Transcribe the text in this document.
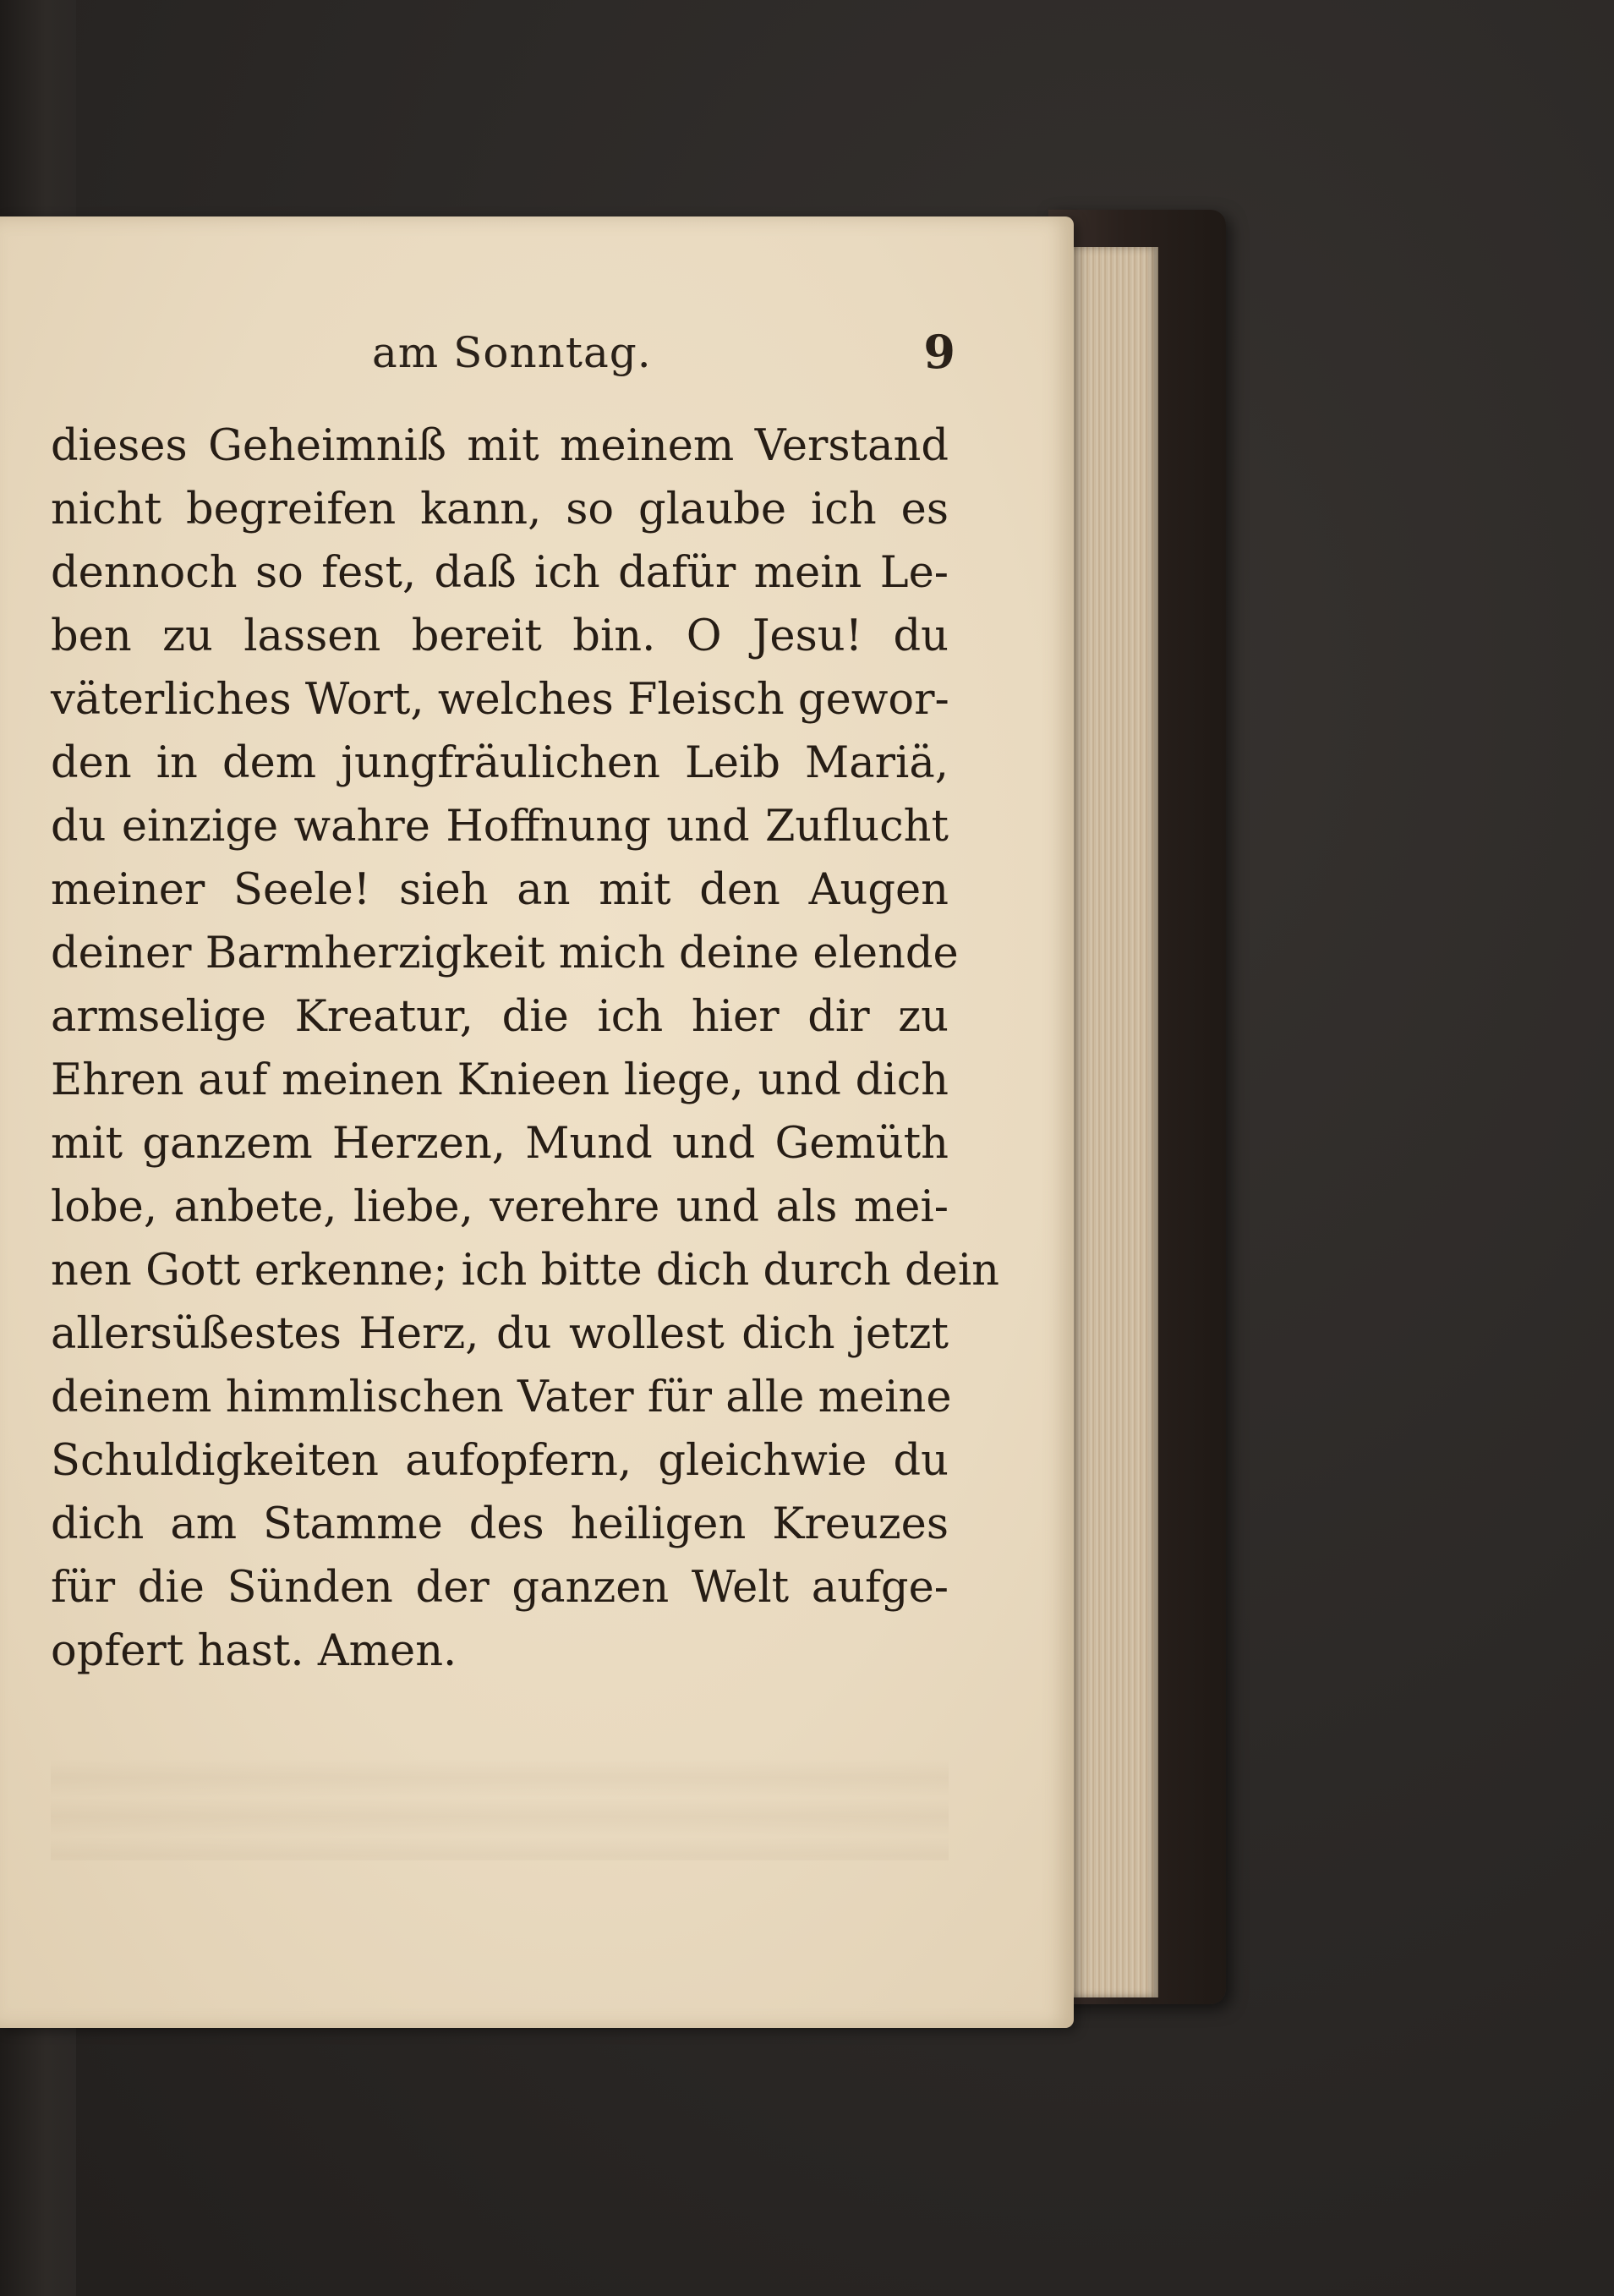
am Sonntag.	9
dieses Geheimniß mit meinem Verstand
nicht begreifen kann, so glaube ich es
dennoch so fest, daß ich dafür mein Le-
ben zu lassen bereit bin. O Jesu! du
väterliches Wort, welches Fleisch gewor-
den in dem jungfräulichen Leib Mariä,
du einzige wahre Hoffnung und Zuflucht
meiner Seele! sieh an mit den Augen
deiner Barmherzigkeit mich deine elende
armselige Kreatur, die ich hier dir zu
Ehren auf meinen Knieen liege, und dich
mit ganzem Herzen, Mund und Gemüth
lobe, anbete, liebe, verehre und als mei-
nen Gott erkenne; ich bitte dich durch dein
allersüßestes Herz, du wollest dich jetzt
deinem himmlischen Vater für alle meine
Schuldigkeiten aufopfern, gleichwie du
dich am Stamme des heiligen Kreuzes
für die Sünden der ganzen Welt aufge-
opfert hast. Amen.
